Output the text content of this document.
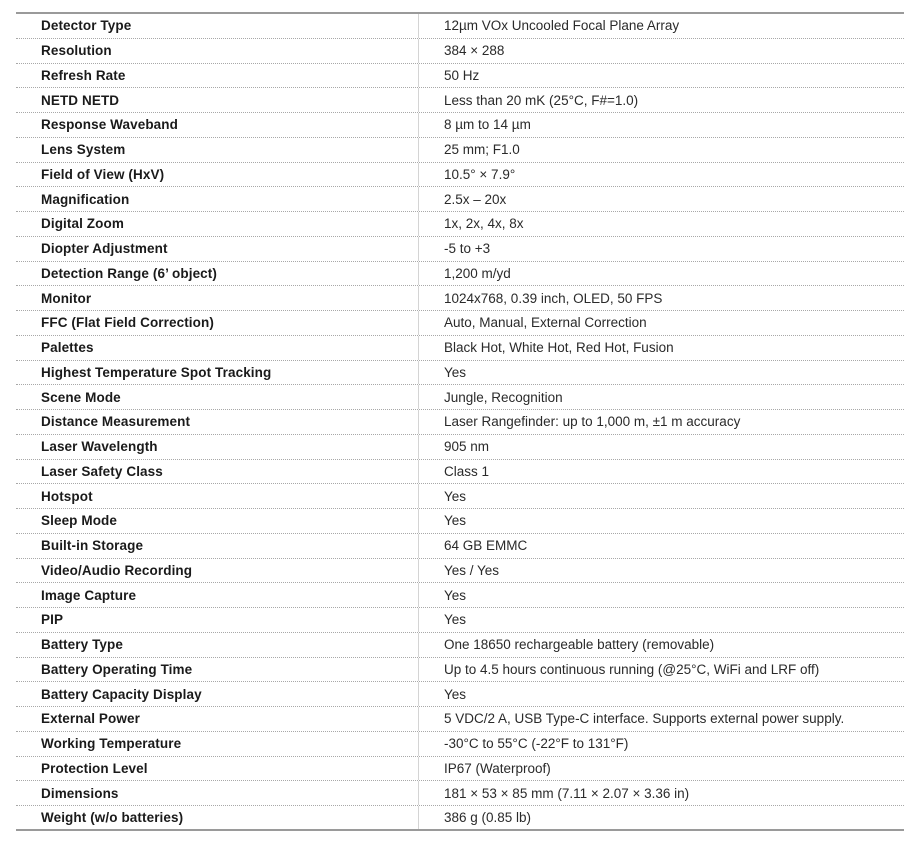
Detector Type	12µm VOx Uncooled Focal Plane Array
Resolution	384 × 288
Refresh Rate	50 Hz
NETD NETD	Less than 20 mK (25°C, F#=1.0)
Response Waveband	8 µm to 14 µm
Lens System	25 mm; F1.0
Field of View (HxV)	10.5° × 7.9°
Magnification	2.5x – 20x
Digital Zoom	1x, 2x, 4x, 8x
Diopter Adjustment	-5 to +3
Detection Range (6’ object)	1,200 m/yd
Monitor	1024x768, 0.39 inch, OLED, 50 FPS
FFC (Flat Field Correction)	Auto, Manual, External Correction
Palettes	Black Hot, White Hot, Red Hot, Fusion
Highest Temperature Spot Tracking	Yes
Scene Mode	Jungle, Recognition
Distance Measurement	Laser Rangefinder: up to 1,000 m, ±1 m accuracy
Laser Wavelength	905 nm
Laser Safety Class	Class 1
Hotspot	Yes
Sleep Mode	Yes
Built-in Storage	64 GB EMMC
Video/Audio Recording	Yes / Yes
Image Capture	Yes
PIP	Yes
Battery Type	One 18650 rechargeable battery (removable)
Battery Operating Time	Up to 4.5 hours continuous running (@25°C, WiFi and LRF off)
Battery Capacity Display	Yes
External Power	5 VDC/2 A, USB Type-C interface. Supports external power supply.
Working Temperature	-30°C to 55°C (-22°F to 131°F)
Protection Level	IP67 (Waterproof)
Dimensions	181 × 53 × 85 mm (7.11 × 2.07 × 3.36 in)
Weight (w/o batteries)	386 g (0.85 lb)
